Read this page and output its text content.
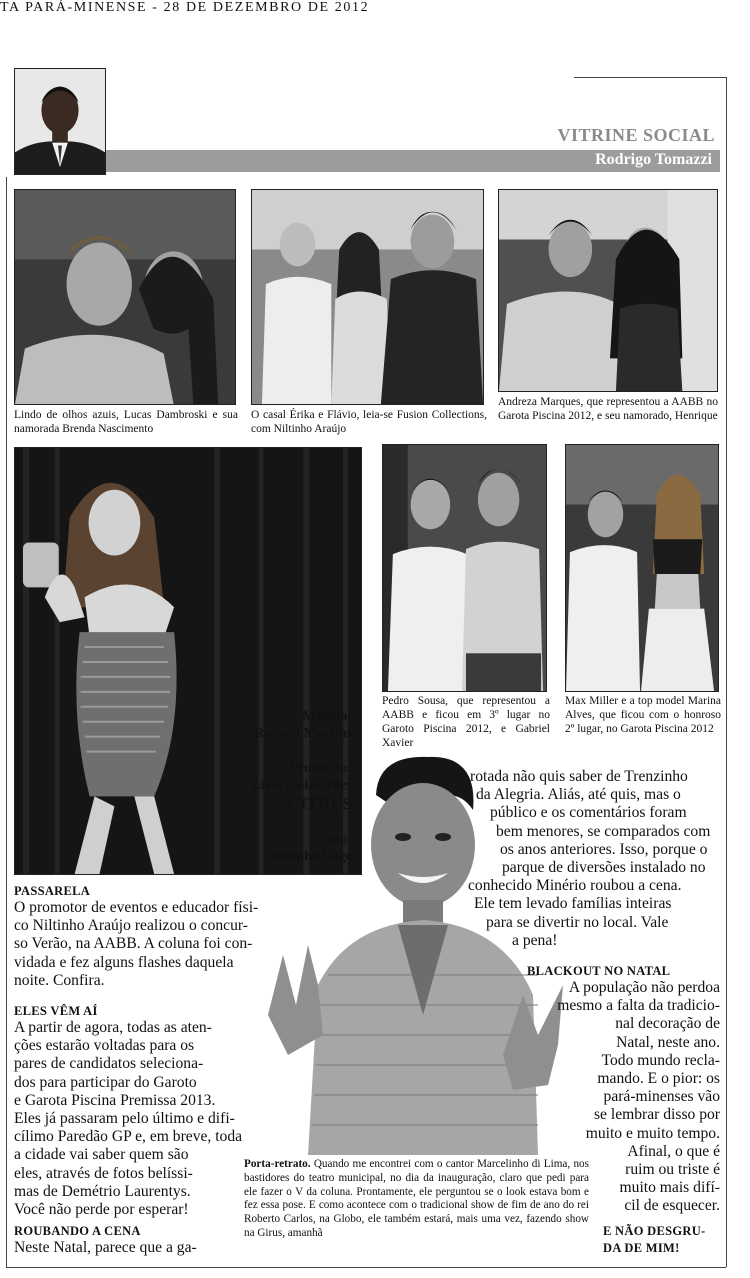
TA PARÁ-MINENSE - 28 DE DEZEMBRO DE 2012
VITRINE SOCIAL
Rodrigo Tomazzi
Lindo de olhos azuis, Lucas Dambroski e sua namorada Brenda Nascimento
O casal Érika e Flávio, leia-se Fusion Collections, com Niltinho Araújo
Andreza Marques, que representou a AABB no Garota Piscina 2012, e seu namorado, Henrique
Modelo:
Rafaela Martins
Produção:
Lívia Guimarães
CITRUS
Foto:
Silvinho Lage
Pedro Sousa, que representou a AABB e ficou em 3º lugar no Garoto Piscina 2012, e Gabriel Xavier
Max Miller e a top model Marina Alves, que ficou com o honroso 2º lugar, no Garota Piscina 2012
PASSARELA
O promotor de eventos e educador físi-
co Niltinho Araújo realizou o concur-
so Verão, na AABB. A coluna foi con-
vidada e fez alguns flashes daquela
noite. Confira.
ELES VÊM AÍ
A partir de agora, todas as aten-
ções estarão voltadas para os
pares de candidatos seleciona-
dos para participar do Garoto
e Garota Piscina Premissa 2013.
Eles já passaram pelo último e difi-
cílimo Paredão GP e, em breve, toda
a cidade vai saber quem são
eles, através de fotos belíssi-
mas de Demétrio Laurentys.
Você não perde por esperar!
ROUBANDO A CENA
Neste Natal, parece que a ga-
rotada não quis saber de Trenzinho
da Alegria. Aliás, até quis, mas o
público e os comentários foram
bem menores, se comparados com
os anos anteriores. Isso, porque o
parque de diversões instalado no
conhecido Minério roubou a cena.
Ele tem levado famílias inteiras
para se divertir no local. Vale
a pena!
BLACKOUT NO NATAL
A população não perdoa
mesmo a falta da tradicio-
nal decoração de
Natal, neste ano.
Todo mundo recla-
mando. E o pior: os
pará-minenses vão
se lembrar disso por
muito e muito tempo.
Afinal, o que é
ruim ou triste é
muito mais difí-
cil de esquecer.
E NÃO DESGRU-
DA DE MIM!
Porta-retrato. Quando me encontrei com o cantor Marcelinho di Lima, nos bastidores do teatro municipal, no dia da inauguração, claro que pedi para ele fazer o V da coluna. Prontamente, ele perguntou se o look estava bom e fez essa pose. E como acontece com o tradicional show de fim de ano do rei Roberto Carlos, na Globo, ele também estará, mais uma vez, fazendo show na Girus, amanhã
